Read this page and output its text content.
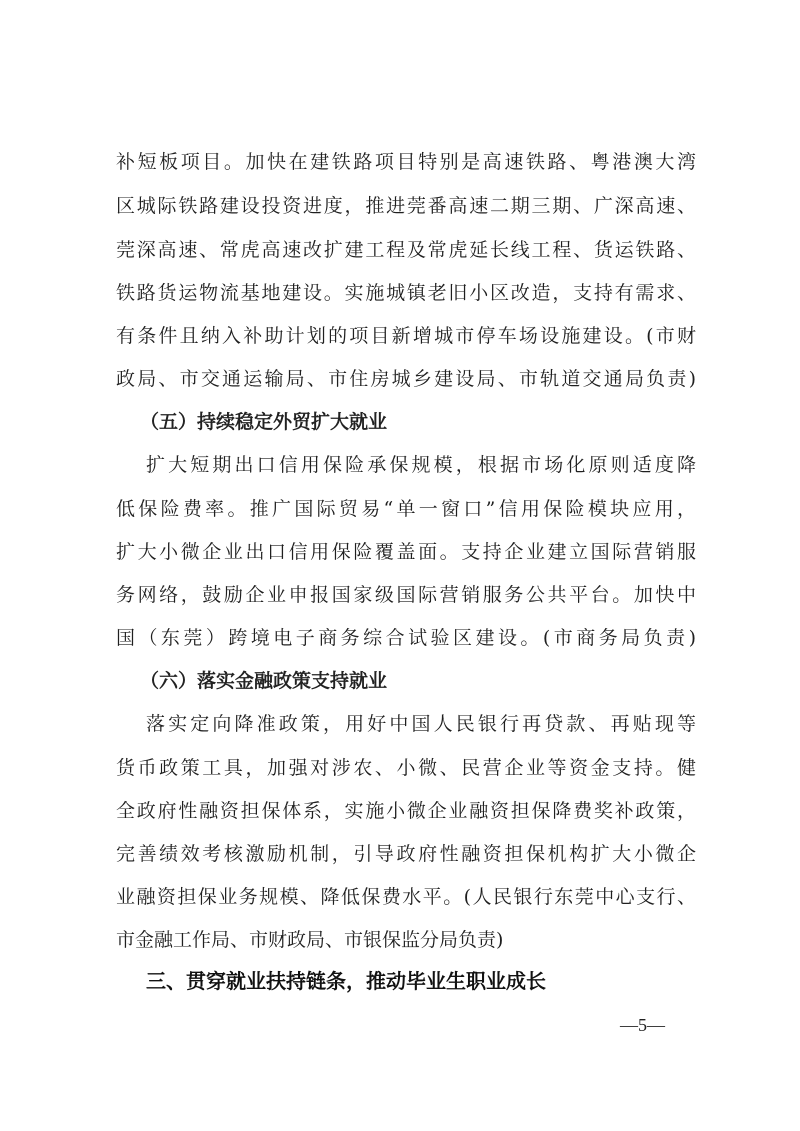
补短板项目。加快在建铁路项目特别是高速铁路、粤港澳大湾
区城际铁路建设投资进度，推进莞番高速二期三期、广深高速、
莞深高速、常虎高速改扩建工程及常虎延长线工程、货运铁路、
铁路货运物流基地建设。实施城镇老旧小区改造，支持有需求、
有条件且纳入补助计划的项目新增城市停车场设施建设。(市财
政局、市交通运输局、市住房城乡建设局、市轨道交通局负责)
（五）持续稳定外贸扩大就业
扩大短期出口信用保险承保规模，根据市场化原则适度降
低保险费率。推广国际贸易“单一窗口”信用保险模块应用，
扩大小微企业出口信用保险覆盖面。支持企业建立国际营销服
务网络，鼓励企业申报国家级国际营销服务公共平台。加快中
国（东莞）跨境电子商务综合试验区建设。(市商务局负责)
（六）落实金融政策支持就业
落实定向降准政策，用好中国人民银行再贷款、再贴现等
货币政策工具，加强对涉农、小微、民营企业等资金支持。健
全政府性融资担保体系，实施小微企业融资担保降费奖补政策，
完善绩效考核激励机制，引导政府性融资担保机构扩大小微企
业融资担保业务规模、降低保费水平。(人民银行东莞中心支行、
市金融工作局、市财政局、市银保监分局负责)
三、贯穿就业扶持链条，推动毕业生职业成长
—5—
